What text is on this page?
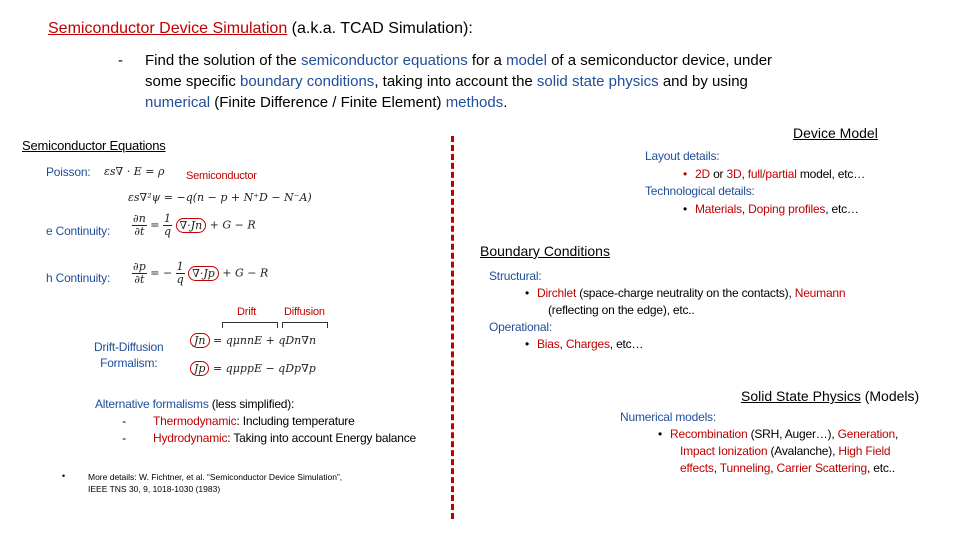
Semiconductor Device Simulation (a.k.a. TCAD Simulation):
- Find the solution of the semiconductor equations for a model of a semiconductor device, under
some specific boundary conditions, taking into account the solid state physics and by using
numerical (Finite Difference / Finite Element) methods.
Semiconductor Equations
Poisson: εs∇ · E = ρ Semiconductor
εs∇²ψ = −q(n − p + N⁺D − N⁻A)
e Continuity: $\frac{\partial n}{\partial t} = \frac{1}{q} \nabla\cdot Jn + G - R$
h Continuity: $\frac{\partial p}{\partial t}$ = − $\frac{1}{q} \nabla\cdot Jp + G - R$
Drift	Diffusion
Drift-Diffusion
Formalism:
Jn = qμnnE + qDn∇n
Jp = qμppE − qDp∇p
Alternative formalisms (less simplified):
- Thermodynamic: Including temperature
- Hydrodynamic: Taking into account Energy balance
•	More details: W. Fichtner, et al. “Semiconductor Device Simulation”,
IEEE TNS 30, 9, 1018-1030 (1983)
Device Model
Layout details:
• 2D or 3D, full/partial model, etc…
Technological details:
• Materials, Doping profiles, etc…
Boundary Conditions
Structural:
• Dirchlet (space-charge neutrality on the contacts), Neumann
(reflecting on the edge), etc..
Operational:
• Bias, Charges, etc…
Solid State Physics (Models)
Numerical models:
• Recombination (SRH, Auger…), Generation,
Impact Ionization (Avalanche), High Field
effects, Tunneling, Carrier Scattering, etc..
